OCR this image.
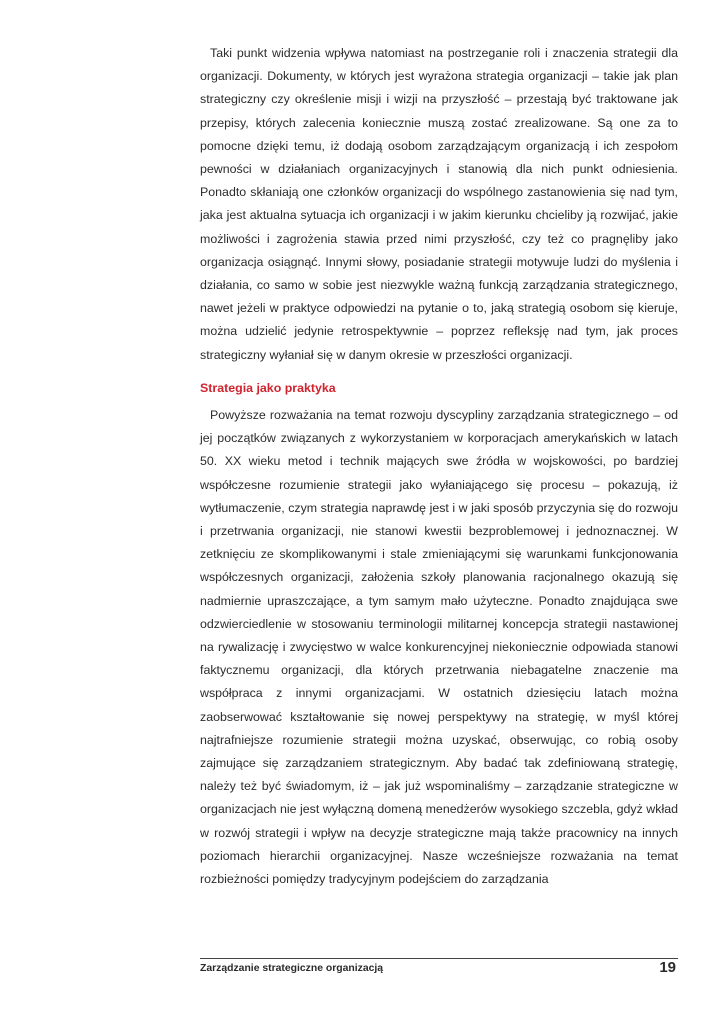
Taki punkt widzenia wpływa natomiast na postrzeganie roli i znaczenia strategii dla organizacji. Dokumenty, w których jest wyrażona strategia organizacji – takie jak plan strategiczny czy określenie misji i wizji na przyszłość – przestają być traktowane jak przepisy, których zalecenia koniecznie muszą zostać zrealizowane. Są one za to pomocne dzięki temu, iż dodają osobom zarządzającym organizacją i ich zespołom pewności w działaniach organizacyjnych i stanowią dla nich punkt odniesienia. Ponadto skłaniają one członków organizacji do wspólnego zastanowienia się nad tym, jaka jest aktualna sytuacja ich organizacji i w jakim kierunku chcieliby ją rozwijać, jakie możliwości i zagrożenia stawia przed nimi przyszłość, czy też co pragnęliby jako organizacja osiągnąć. Innymi słowy, posiadanie strategii motywuje ludzi do myślenia i działania, co samo w sobie jest niezwykle ważną funkcją zarządzania strategicznego, nawet jeżeli w praktyce odpowiedzi na pytanie o to, jaką strategią osobom się kieruje, można udzielić jedynie retrospektywnie – poprzez refleksję nad tym, jak proces strategiczny wyłaniał się w danym okresie w przeszłości organizacji.

Strategia jako praktyka

Powyższe rozważania na temat rozwoju dyscypliny zarządzania strategicznego – od jej początków związanych z wykorzystaniem w korporacjach amerykańskich w latach 50. XX wieku metod i technik mających swe źródła w wojskowości, po bardziej współczesne rozumienie strategii jako wyłaniającego się procesu – pokazują, iż wytłumaczenie, czym strategia naprawdę jest i w jaki sposób przyczynia się do rozwoju i przetrwania organizacji, nie stanowi kwestii bezproblemowej i jednoznacznej. W zetknięciu ze skomplikowanymi i stale zmieniającymi się warunkami funkcjonowania współczesnych organizacji, założenia szkoły planowania racjonalnego okazują się nadmiernie upraszczające, a tym samym mało użyteczne. Ponadto znajdująca swe odzwierciedlenie w stosowaniu terminologii militarnej koncepcja strategii nastawionej na rywalizację i zwycięstwo w walce konkurencyjnej niekoniecznie odpowiada stanowi faktycznemu organizacji, dla których przetrwania niebagatelne znaczenie ma współpraca z innymi organizacjami. W ostatnich dziesięciu latach można zaobserwować kształtowanie się nowej perspektywy na strategię, w myśl której najtrafniejsze rozumienie strategii można uzyskać, obserwując, co robią osoby zajmujące się zarządzaniem strategicznym. Aby badać tak zdefiniowaną strategię, należy też być świadomym, iż – jak już wspominaliśmy – zarządzanie strategiczne w organizacjach nie jest wyłączną domeną menedżerów wysokiego szczebla, gdyż wkład w rozwój strategii i wpływ na decyzje strategiczne mają także pracownicy na innych poziomach hierarchii organizacyjnej. Nasze wcześniejsze rozważania na temat rozbieżności pomiędzy tradycyjnym podejściem do zarządzania

Zarządzanie strategiczne organizacją	19
